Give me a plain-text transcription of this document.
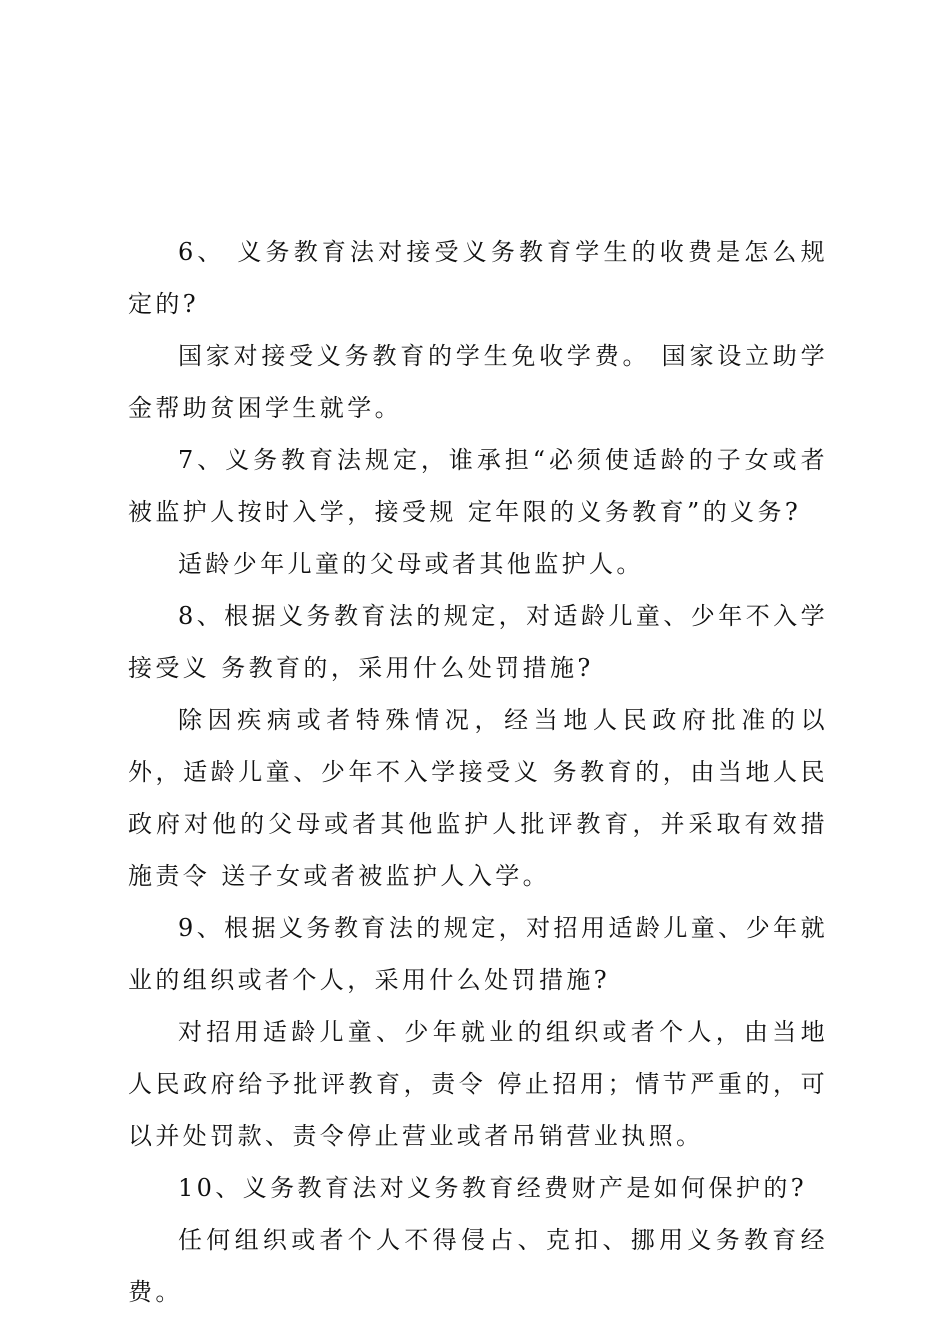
6、 义务教育法对接受义务教育学生的收费是怎么规定的?

国家对接受义务教育的学生免收学费。 国家设立助学金帮助贫困学生就学。

7、义务教育法规定，谁承担“必须使适龄的子女或者被监护人按时入学，接受规 定年限的义务教育”的义务?

适龄少年儿童的父母或者其他监护人。

8、根据义务教育法的规定，对适龄儿童、少年不入学接受义 务教育的，采用什么处罚措施?

除因疾病或者特殊情况，经当地人民政府批准的以外，适龄儿童、少年不入学接受义 务教育的，由当地人民政府对他的父母或者其他监护人批评教育，并采取有效措施责令 送子女或者被监护人入学。

9、根据义务教育法的规定，对招用适龄儿童、少年就业的组织或者个人，采用什么处罚措施?

对招用适龄儿童、少年就业的组织或者个人，由当地人民政府给予批评教育，责令 停止招用；情节严重的，可以并处罚款、责令停止营业或者吊销营业执照。

10、义务教育法对义务教育经费财产是如何保护的?

任何组织或者个人不得侵占、克扣、挪用义务教育经费。
